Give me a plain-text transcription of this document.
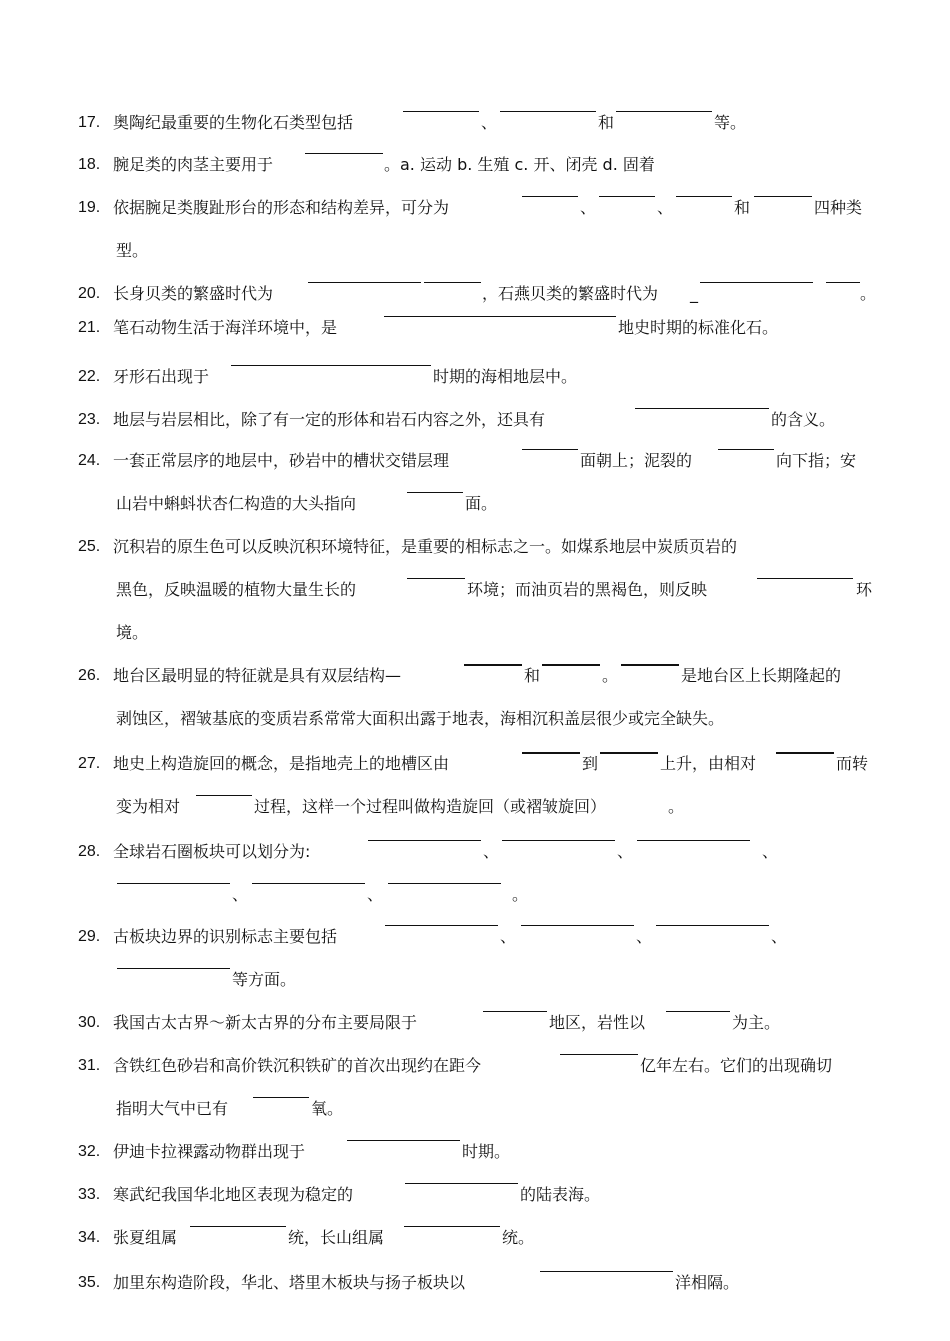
17. 奥陶纪最重要的生物化石类型包括	、	和	等。
18. 腕足类的肉茎主要用于	。a. 运动 b. 生殖 c. 开、闭壳 d. 固着
19. 依据腕足类腹趾形台的形态和结构差异，可分为	、	、	和	四种类
型。
20. 长身贝类的繁盛时代为	，石燕贝类的繁盛时代为 _	。
21. 笔石动物生活于海洋环境中，是	地史时期的标准化石。
22. 牙形石出现于	时期的海相地层中。
23. 地层与岩层相比，除了有一定的形体和岩石内容之外，还具有	的含义。
24. 一套正常层序的地层中，砂岩中的槽状交错层理	面朝上；泥裂的	向下指；安
山岩中蝌蚪状杏仁构造的大头指向	面。
25. 沉积岩的原生色可以反映沉积环境特征，是重要的相标志之一。如煤系地层中炭质页岩的
黑色，反映温暖的植物大量生长的	环境；而油页岩的黑褐色，则反映	环
境。
26. 地台区最明显的特征就是具有双层结构—	和	。	是地台区上长期隆起的
剥蚀区，褶皱基底的变质岩系常常大面积出露于地表，海相沉积盖层很少或完全缺失。
27. 地史上构造旋回的概念，是指地壳上的地槽区由	到	上升，由相对	而转
变为相对	过程，这样一个过程叫做构造旋回（或褶皱旋回）	。
28. 全球岩石圈板块可以划分为:	、	、	、
、	、	。
29. 古板块边界的识别标志主要包括	、	、	、
等方面。
30. 我国古太古界～新太古界的分布主要局限于	地区，岩性以	为主。
31. 含铁红色砂岩和高价铁沉积铁矿的首次出现约在距今	亿年左右。它们的出现确切
指明大气中已有	氧。
32. 伊迪卡拉裸露动物群出现于	时期。
33. 寒武纪我国华北地区表现为稳定的	的陆表海。
34. 张夏组属	统，长山组属	统。
35. 加里东构造阶段，华北、塔里木板块与扬子板块以	洋相隔。
